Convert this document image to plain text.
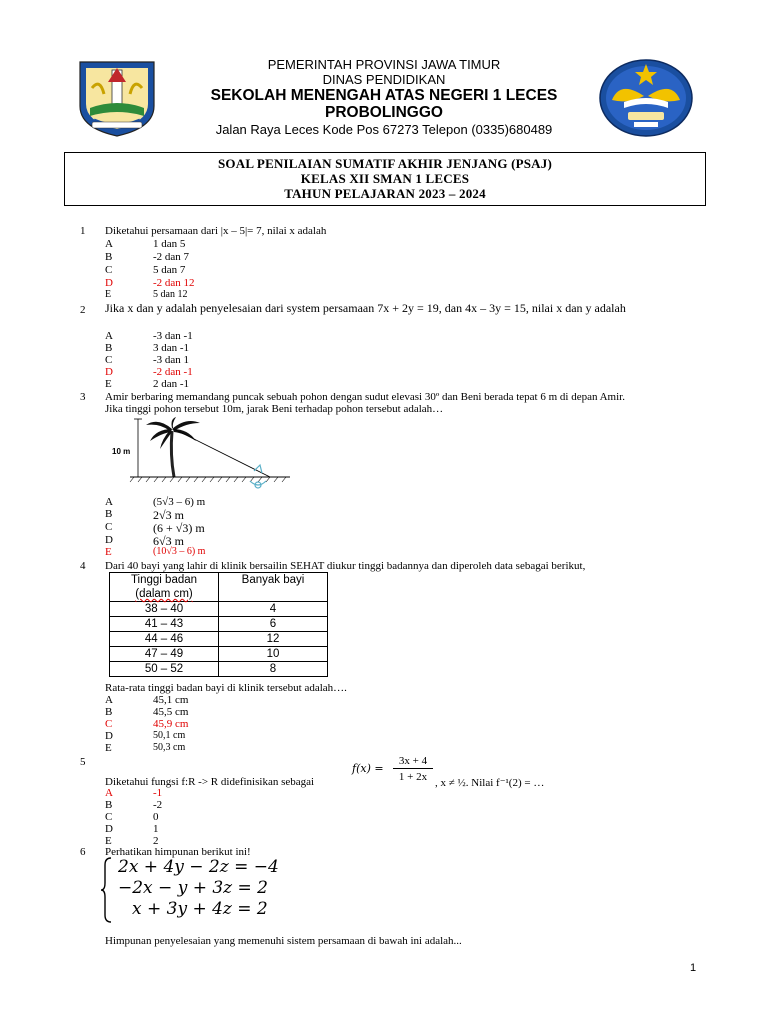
PEMERINTAH PROVINSI JAWA TIMUR
DINAS PENDIDIKAN
SEKOLAH MENENGAH ATAS NEGERI 1 LECES
PROBOLINGGO
Jalan Raya Leces Kode Pos 67273 Telepon (0335)680489
SOAL PENILAIAN SUMATIF AKHIR JENJANG (PSAJ)
KELAS XII SMAN 1 LECES
TAHUN PELAJARAN 2023 – 2024
1 Diketahui persamaan dari |x – 5|= 7, nilai x adalah
A	1 dan 5
B	-2 dan 7
C	5 dan 7
D	-2 dan 12
E	5 dan 12
2 Jika x dan y adalah penyelesaian dari system persamaan 7x + 2y = 19, dan 4x – 3y = 15, nilai x dan y adalah
A	-3 dan -1
B	3 dan -1
C	-3 dan 1
D	-2 dan -1
E	2 dan -1
3 Amir berbaring memandang puncak sebuah pohon dengan sudut elevasi 30º dan Beni berada tepat 6 m di depan Amir.
Jika tinggi pohon tersebut 10m, jarak Beni terhadap pohon tersebut adalah…
10 m
A	(5√3 – 6) m
B	2√3 m
C	(6 + √3) m
D	6√3 m
E	(10√3 – 6) m
4 Dari 40 bayi yang lahir di klinik bersailin SEHAT diukur tinggi badannya dan diperoleh data sebagai berikut,
Tinggi badan
(dalam cm)	Banyak bayi
38 – 40	4
41 – 43	6
44 – 46	12
47 – 49	10
50 – 52	8
Rata-rata tinggi badan bayi di klinik tersebut adalah….
A	45,1 cm
B	45,5 cm
C	45,9 cm
D	50,1 cm
E	50,3 cm
5	f(x) =
3x + 4
1 + 2x
Diketahui fungsi f:R -> R didefinisikan sebagai	, x ≠ ½. Nilai f⁻¹(2) = …
A	-1
B	-2
C	0
D	1
E	2
6 Perhatikan himpunan berikut ini!
2x + 4y − 2z = −4
−2x − y + 3z = 2
x + 3y + 4z = 2
Himpunan penyelesaian yang memenuhi sistem persamaan di bawah ini adalah...
1
